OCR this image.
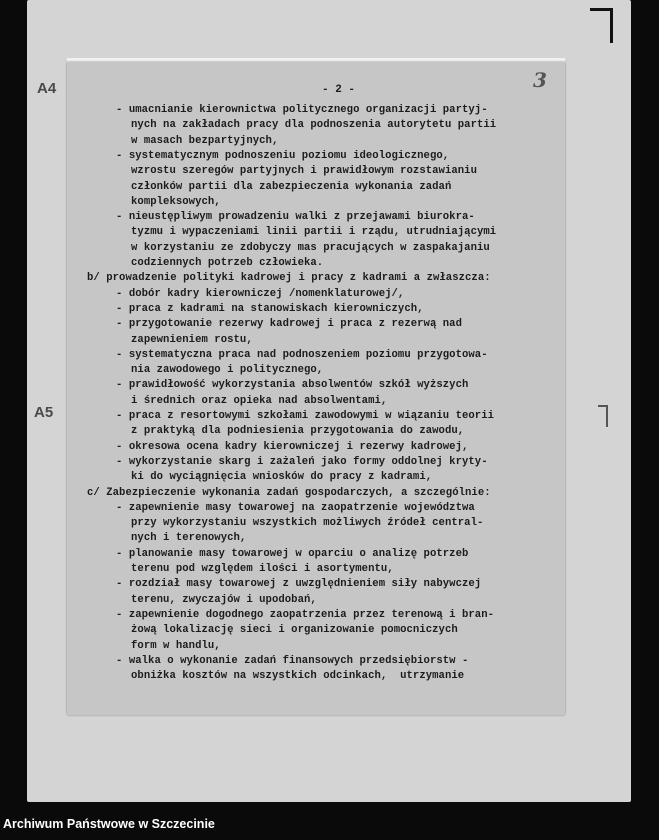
A4
A5
- 2 -	3
- umacnianie kierownictwa politycznego organizacji partyj-
nych na zakładach pracy dla podnoszenia autorytetu partii
w masach bezpartyjnych,
- systematycznym podnoszeniu poziomu ideologicznego,
wzrostu szeregów partyjnych i prawidłowym rozstawianiu
członków partii dla zabezpieczenia wykonania zadań
kompleksowych,
- nieustępliwym prowadzeniu walki z przejawami biurokra-
tyzmu i wypaczeniami linii partii i rządu, utrudniającymi
w korzystaniu ze zdobyczy mas pracujących w zaspakajaniu
codziennych potrzeb człowieka.
b/ prowadzenie polityki kadrowej i pracy z kadrami a zwłaszcza:
- dobór kadry kierowniczej /nomenklaturowej/,
- praca z kadrami na stanowiskach kierowniczych,
- przygotowanie rezerwy kadrowej i praca z rezerwą nad
zapewnieniem rostu,
- systematyczna praca nad podnoszeniem poziomu przygotowa-
nia zawodowego i politycznego,
- prawidłowość wykorzystania absolwentów szkół wyższych
i średnich oraz opieka nad absolwentami,
- praca z resortowymi szkołami zawodowymi w wiązaniu teorii
z praktyką dla podniesienia przygotowania do zawodu,
- okresowa ocena kadry kierowniczej i rezerwy kadrowej,
- wykorzystanie skarg i zażaleń jako formy oddolnej kryty-
ki do wyciągnięcia wniosków do pracy z kadrami,
c/ Zabezpieczenie wykonania zadań gospodarczych, a szczególnie:
- zapewnienie masy towarowej na zaopatrzenie województwa
przy wykorzystaniu wszystkich możliwych źródeł central-
nych i terenowych,
- planowanie masy towarowej w oparciu o analizę potrzeb
terenu pod względem ilości i asortymentu,
- rozdział masy towarowej z uwzględnieniem siły nabywczej
terenu, zwyczajów i upodobań,
- zapewnienie dogodnego zaopatrzenia przez terenową i bran-
żową lokalizację sieci i organizowanie pomocniczych
form w handlu,
- walka o wykonanie zadań finansowych przedsiębiorstw -
obniżka kosztów na wszystkich odcinkach,  utrzymanie
Archiwum Państwowe w Szczecinie
